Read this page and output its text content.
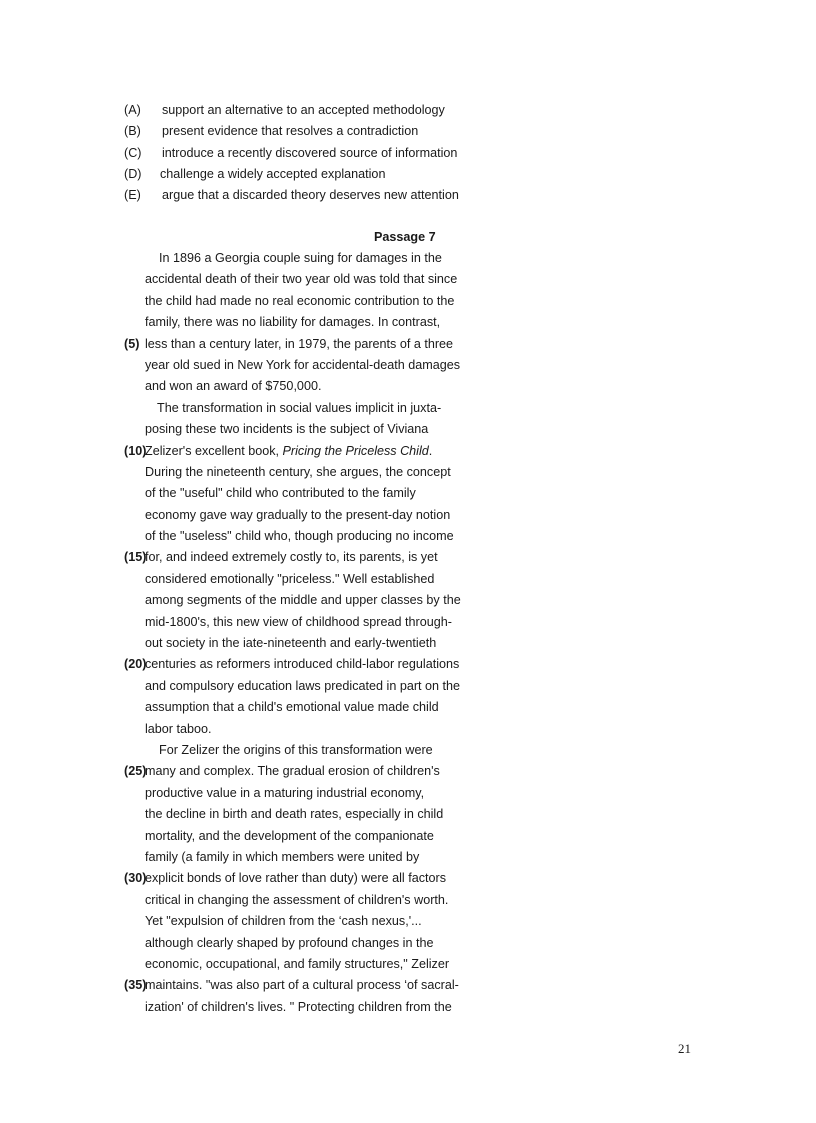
(A) support an alternative to an accepted methodology
(B) present evidence that resolves a contradiction
(C) introduce a recently discovered source of information
(D) challenge a widely accepted explanation
(E) argue that a discarded theory deserves new attention
Passage 7
In 1896 a Georgia couple suing for damages in the
accidental death of their two year old was told that since
the child had made no real economic contribution to the
family, there was no liability for damages. In contrast,
(5) less than a century later, in 1979, the parents of a three
year old sued in New York for accidental-death damages
and won an award of $750,000.
The transformation in social values implicit in juxta-
posing these two incidents is the subject of Viviana
(10)
Zelizer's excellent book, Pricing the Priceless Child.
During the nineteenth century, she argues, the concept
of the "useful" child who contributed to the family
economy gave way gradually to the present-day notion
of the "useless" child who, though producing no income
(15)
for, and indeed extremely costly to, its parents, is yet
considered emotionally "priceless." Well established
among segments of the middle and upper classes by the
mid-1800's, this new view of childhood spread through-
out society in the iate-nineteenth and early-twentieth
(20)
centuries as reformers introduced child-labor regulations
and compulsory education laws predicated in part on the
assumption that a child's emotional value made child
labor taboo.
For Zelizer the origins of this transformation were
(25)
many and complex. The gradual erosion of children's
productive value in a maturing industrial economy,
the decline in birth and death rates, especially in child
mortality, and the development of the companionate
family (a family in which members were united by
(30)
explicit bonds of love rather than duty) were all factors
critical in changing the assessment of children's worth.
Yet "expulsion of children from the ‘cash nexus,'...
although clearly shaped by profound changes in the
economic, occupational, and family structures," Zelizer
(35)
maintains. "was also part of a cultural process ‘of sacral-
ization' of children's lives. " Protecting children from the
21
